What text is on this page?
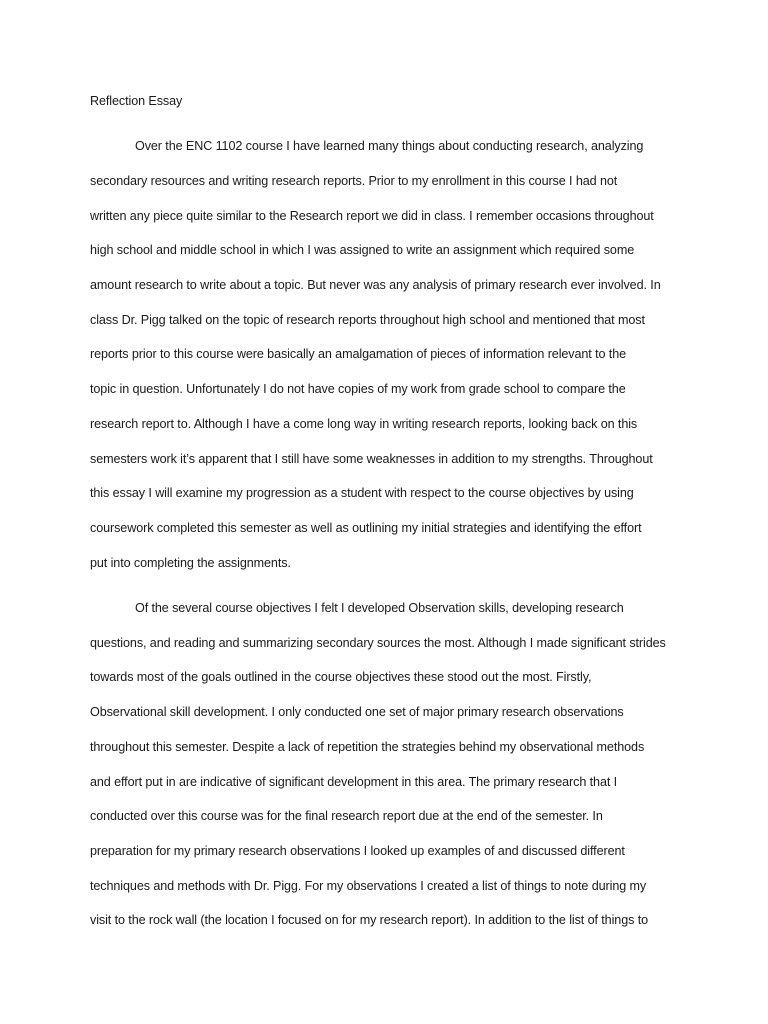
Reflection Essay
Over the ENC 1102 course I have learned many things about conducting research, analyzing
secondary resources and writing research reports. Prior to my enrollment in this course I had not
written any piece quite similar to the Research report we did in class. I remember occasions throughout
high school and middle school in which I was assigned to write an assignment which required some
amount research to write about a topic. But never was any analysis of primary research ever involved. In
class Dr. Pigg talked on the topic of research reports throughout high school and mentioned that most
reports prior to this course were basically an amalgamation of pieces of information relevant to the
topic in question. Unfortunately I do not have copies of my work from grade school to compare the
research report to. Although I have a come long way in writing research reports, looking back on this
semesters work it’s apparent that I still have some weaknesses in addition to my strengths. Throughout
this essay I will examine my progression as a student with respect to the course objectives by using
coursework completed this semester as well as outlining my initial strategies and identifying the effort
put into completing the assignments.
Of the several course objectives I felt I developed Observation skills, developing research
questions, and reading and summarizing secondary sources the most. Although I made significant strides
towards most of the goals outlined in the course objectives these stood out the most. Firstly,
Observational skill development. I only conducted one set of major primary research observations
throughout this semester. Despite a lack of repetition the strategies behind my observational methods
and effort put in are indicative of significant development in this area. The primary research that I
conducted over this course was for the final research report due at the end of the semester. In
preparation for my primary research observations I looked up examples of and discussed different
techniques and methods with Dr. Pigg. For my observations I created a list of things to note during my
visit to the rock wall (the location I focused on for my research report). In addition to the list of things to
